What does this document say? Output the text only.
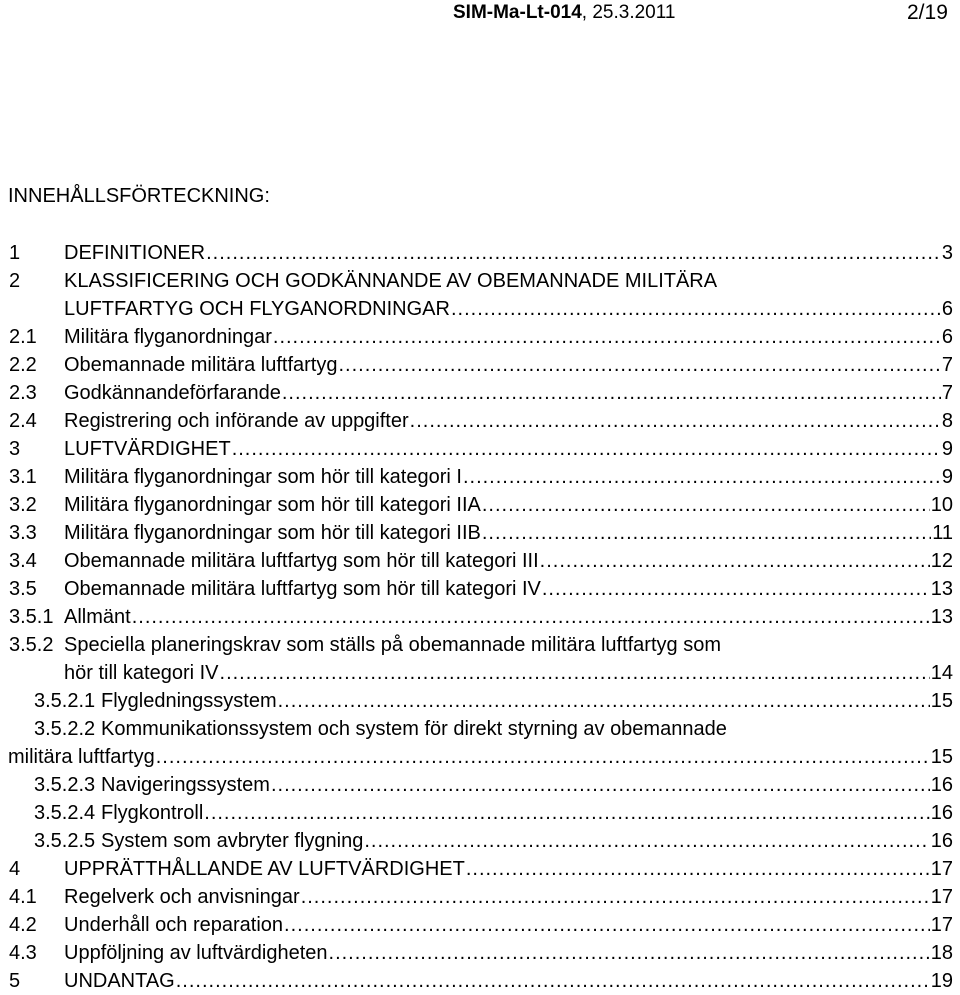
SIM-Ma-Lt-014, 25.3.2011	2/19
INNEHÅLLSFÖRTECKNING:
1 DEFINITIONER .....	3
2 KLASSIFICERING OCH GODKÄNNANDE AV OBEMANNADE MILITÄRA
LUFTFARTYG OCH FLYGANORDNINGAR .....	6
2.1 Militära flyganordningar .....	6
2.2 Obemannade militära luftfartyg .....	7
2.3 Godkännandeförfarande .....	7
2.4 Registrering och införande av uppgifter .....	8
3 LUFTVÄRDIGHET .....	9
3.1 Militära flyganordningar som hör till kategori I .....	9
3.2 Militära flyganordningar som hör till kategori IIA .....	10
3.3 Militära flyganordningar som hör till kategori IIB .....	11
3.4 Obemannade militära luftfartyg som hör till kategori III .....	12
3.5 Obemannade militära luftfartyg som hör till kategori IV .....	13
3.5.1 Allmänt .....	13
3.5.2 Speciella planeringskrav som ställs på obemannade militära luftfartyg som
hör till kategori IV .....	14
3.5.2.1 Flygledningssystem .....	15
3.5.2.2 Kommunikationssystem och system för direkt styrning av obemannade
militära luftfartyg .....	15
3.5.2.3 Navigeringssystem .....	16
3.5.2.4 Flygkontroll .....	16
3.5.2.5 System som avbryter flygning .....	16
4 UPPRÄTTHÅLLANDE AV LUFTVÄRDIGHET .....	17
4.1 Regelverk och anvisningar .....	17
4.2 Underhåll och reparation .....	17
4.3 Uppföljning av luftvärdigheten .....	18
5 UNDANTAG .....	19
